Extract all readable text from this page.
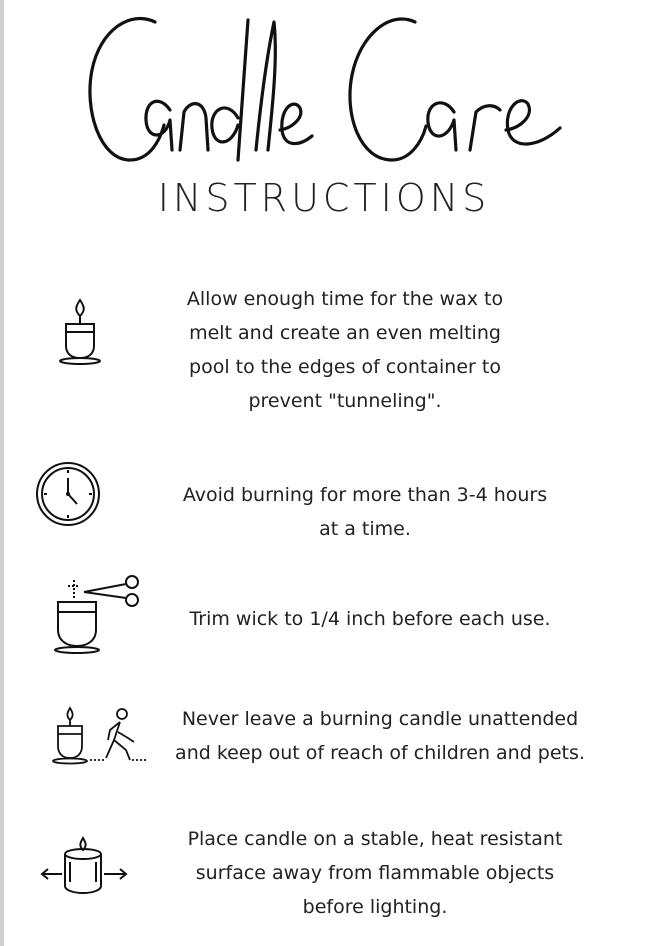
INSTRUCTIONS
Allow enough time for the wax to
melt and create an even melting
pool to the edges of container to
prevent "tunneling".
Avoid burning for more than 3-4 hours
at a time.
Trim wick to 1/4 inch before each use.
Never leave a burning candle unattended
and keep out of reach of children and pets.
Place candle on a stable, heat resistant
surface away from flammable objects
before lighting.
